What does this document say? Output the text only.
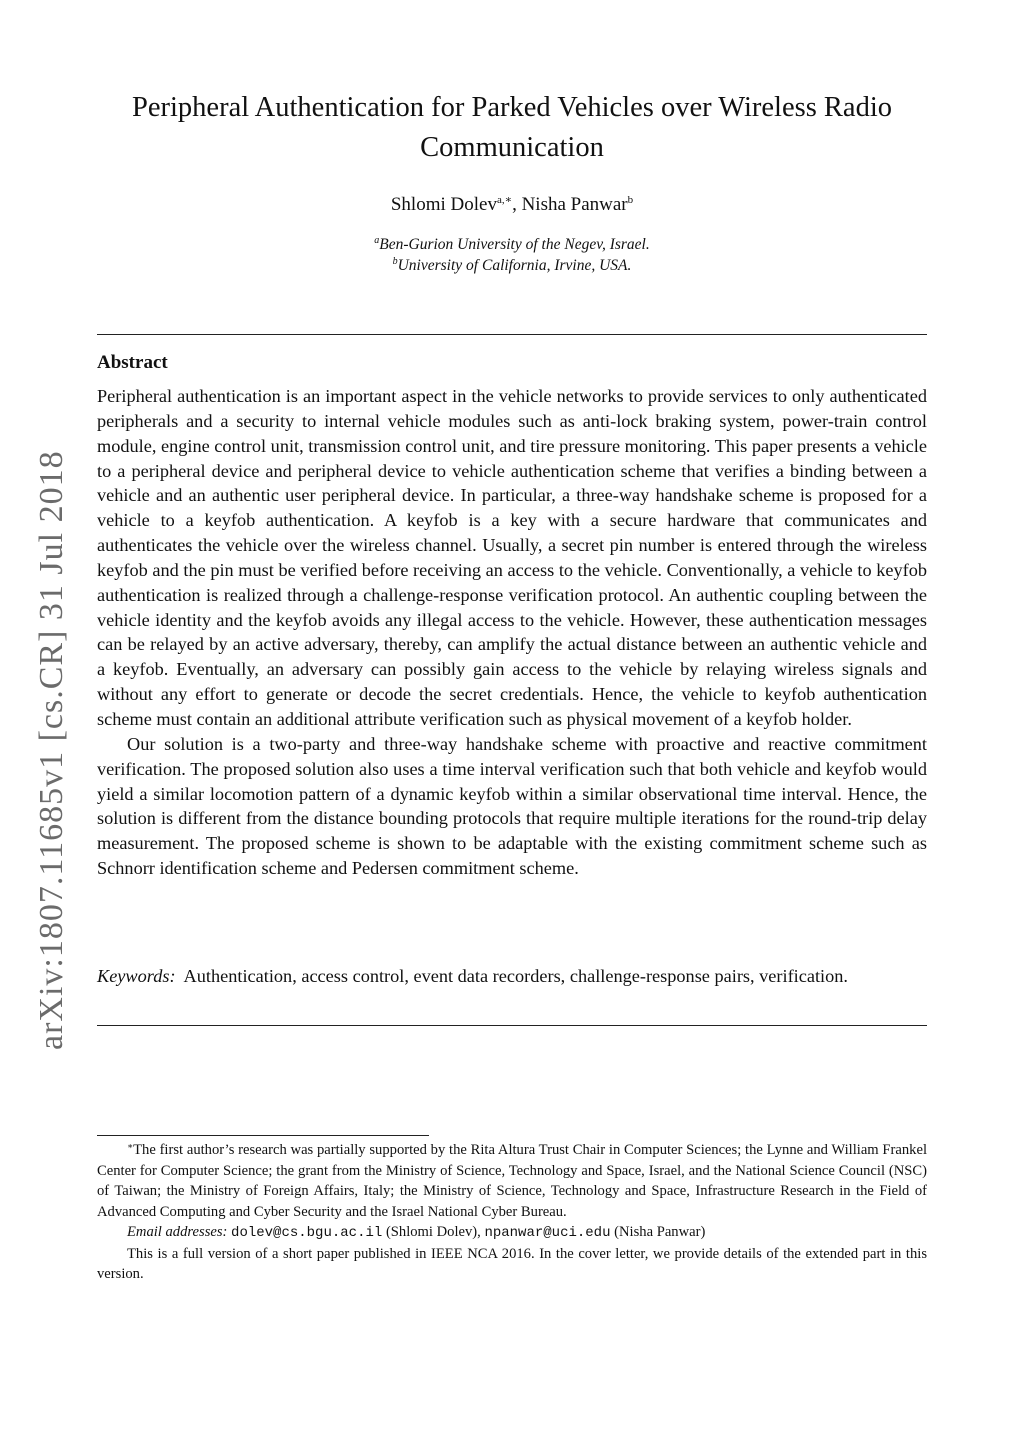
arXiv:1807.11685v1 [cs.CR] 31 Jul 2018
Peripheral Authentication for Parked Vehicles over Wireless Radio Communication
Shlomi Dolev$^{a,∗}$, Nisha Panwar$^b$
$^a$Ben-Gurion University of the Negev, Israel.
$^b$University of California, Irvine, USA.
Abstract

Peripheral authentication is an important aspect in the vehicle networks to provide services to only authenticated peripherals and a security to internal vehicle modules such as anti-lock braking system, power-train control module, engine control unit, transmission control unit, and tire pressure monitoring. This paper presents a vehicle to a peripheral device and peripheral device to vehicle authentication scheme that verifies a binding between a vehicle and an authentic user peripheral device. In particular, a three-way handshake scheme is proposed for a vehicle to a keyfob authentication. A keyfob is a key with a secure hardware that communicates and authenticates the vehicle over the wireless channel. Usually, a secret pin number is entered through the wireless keyfob and the pin must be verified before receiving an access to the vehicle. Conventionally, a vehicle to keyfob authentication is realized through a challenge-response verification protocol. An authentic coupling between the vehicle identity and the keyfob avoids any illegal access to the vehicle. However, these authentication messages can be relayed by an active adversary, thereby, can amplify the actual distance between an authentic vehicle and a keyfob. Eventually, an adversary can possibly gain access to the vehicle by relaying wireless signals and without any effort to generate or decode the secret credentials. Hence, the vehicle to keyfob authentication scheme must contain an additional attribute verification such as physical movement of a keyfob holder.

Our solution is a two-party and three-way handshake scheme with proactive and reactive commitment verification. The proposed solution also uses a time interval verification such that both vehicle and keyfob would yield a similar locomotion pattern of a dynamic keyfob within a similar observational time interval. Hence, the solution is different from the distance bounding protocols that require multiple iterations for the round-trip delay measurement. The proposed scheme is shown to be adaptable with the existing commitment scheme such as Schnorr identification scheme and Pedersen commitment scheme.

Keywords: Authentication, access control, event data recorders, challenge-response pairs, verification.

∗The first author’s research was partially supported by the Rita Altura Trust Chair in Computer Sciences; the Lynne and William Frankel Center for Computer Science; the grant from the Ministry of Science, Technology and Space, Israel, and the National Science Council (NSC) of Taiwan; the Ministry of Foreign Affairs, Italy; the Ministry of Science, Technology and Space, Infrastructure Research in the Field of Advanced Computing and Cyber Security and the Israel National Cyber Bureau.

Email addresses: dolev@cs.bgu.ac.il (Shlomi Dolev), npanwar@uci.edu (Nisha Panwar)

This is a full version of a short paper published in IEEE NCA 2016. In the cover letter, we provide details of the extended part in this version.
